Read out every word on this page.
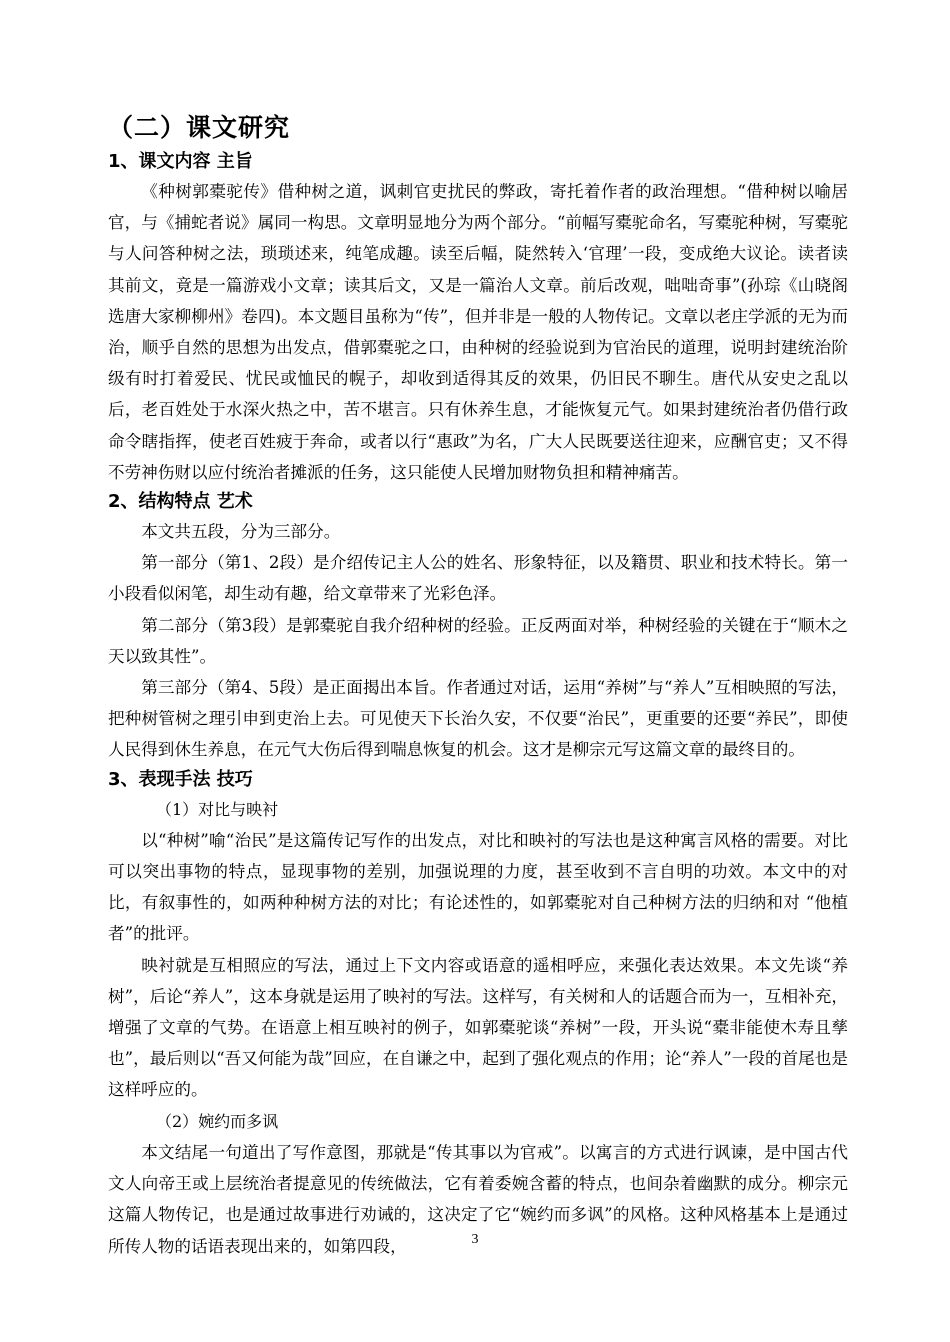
（二）课文研究
1、课文内容 主旨

《种树郭橐驼传》借种树之道，讽刺官吏扰民的弊政，寄托着作者的政治理想。“借种树以喻居官，与《捕蛇者说》属同一构思。文章明显地分为两个部分。“前幅写橐驼命名，写橐驼种树，写橐驼与人问答种树之法，琐琐述来，纯笔成趣。读至后幅，陡然转入‘官理’一段，变成绝大议论。读者读其前文，竟是一篇游戏小文章；读其后文，又是一篇治人文章。前后改观，咄咄奇事”(孙琮《山晓阁选唐大家柳柳州》卷四)。本文题目虽称为“传”，但并非是一般的人物传记。文章以老庄学派的无为而治，顺乎自然的思想为出发点，借郭橐驼之口，由种树的经验说到为官治民的道理，说明封建统治阶级有时打着爱民、忧民或恤民的幌子，却收到适得其反的效果，仍旧民不聊生。唐代从安史之乱以后，老百姓处于水深火热之中，苦不堪言。只有休养生息，才能恢复元气。如果封建统治者仍借行政命令瞎指挥，使老百姓疲于奔命，或者以行“惠政”为名，广大人民既要送往迎来，应酬官吏；又不得不劳神伤财以应付统治者摊派的任务，这只能使人民增加财物负担和精神痛苦。

2、结构特点 艺术

本文共五段，分为三部分。

第一部分（第1、2段）是介绍传记主人公的姓名、形象特征，以及籍贯、职业和技术特长。第一小段看似闲笔，却生动有趣，给文章带来了光彩色泽。

第二部分（第3段）是郭橐驼自我介绍种树的经验。正反两面对举，种树经验的关键在于“顺木之天以致其性”。

第三部分（第4、5段）是正面揭出本旨。作者通过对话，运用“养树”与“养人”互相映照的写法，把种树管树之理引申到吏治上去。可见使天下长治久安，不仅要“治民”，更重要的还要“养民”，即使人民得到休生养息，在元气大伤后得到喘息恢复的机会。这才是柳宗元写这篇文章的最终目的。

3、表现手法 技巧

（1）对比与映衬

以“种树”喻“治民”是这篇传记写作的出发点，对比和映衬的写法也是这种寓言风格的需要。对比可以突出事物的特点，显现事物的差别，加强说理的力度，甚至收到不言自明的功效。本文中的对比，有叙事性的，如两种种树方法的对比；有论述性的，如郭橐驼对自己种树方法的归纳和对 “他植者”的批评。

映衬就是互相照应的写法，通过上下文内容或语意的遥相呼应，来强化表达效果。本文先谈“养树”，后论“养人”，这本身就是运用了映衬的写法。这样写，有关树和人的话题合而为一，互相补充，增强了文章的气势。在语意上相互映衬的例子，如郭橐驼谈“养树”一段，开头说“橐非能使木寿且孳也”，最后则以“吾又何能为哉”回应，在自谦之中，起到了强化观点的作用；论“养人”一段的首尾也是这样呼应的。

（2）婉约而多讽

本文结尾一句道出了写作意图，那就是“传其事以为官戒”。以寓言的方式进行讽谏，是中国古代文人向帝王或上层统治者提意见的传统做法，它有着委婉含蓄的特点，也间杂着幽默的成分。柳宗元这篇人物传记，也是通过故事进行劝诫的，这决定了它“婉约而多讽”的风格。这种风格基本上是通过所传人物的话语表现出来的，如第四段，	3
